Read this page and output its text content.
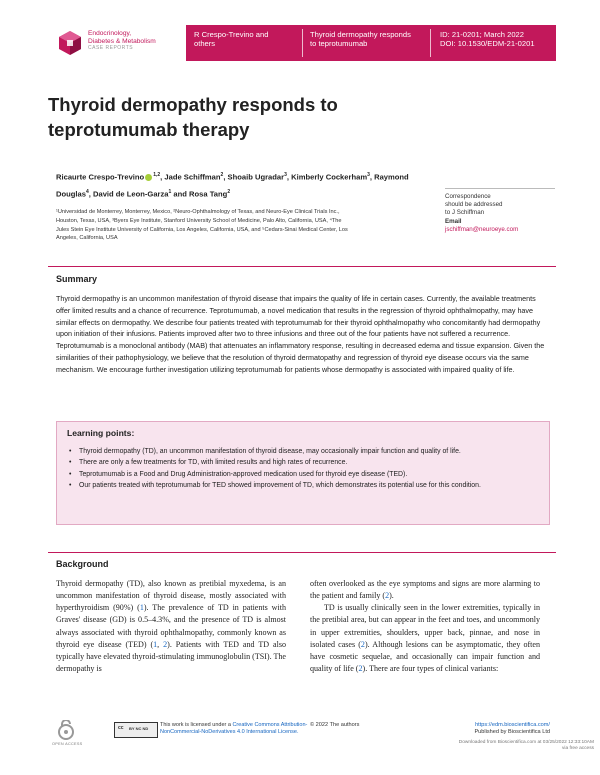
Endocrinology,
Diabetes & Metabolism
CASE REPORTS
R Crespo-Trevino and
others
Thyroid dermopathy responds
to teprotumumab
ID: 21-0201; March 2022
DOI: 10.1530/EDM-21-0201
Thyroid dermopathy responds to teprotumumab therapy
Ricaurte Crespo-Trevino $^{1,2}$, Jade Schiffman$^2$, Shoaib Ugradar$^3$, Kimberly Cockerham$^3$, Raymond Douglas$^4$, David de Leon-Garza$^1$ and Rosa Tang$^2$
¹Universidad de Monterrey, Monterrey, Mexico, ²Neuro-Ophthalmology of Texas, and Neuro-Eye Clinical Trials Inc.,
Houston, Texas, USA, ³Byers Eye Institute, Stanford University School of Medicine, Palo Alto, California, USA, ⁴The
Jules Stein Eye Institute University of California, Los Angeles, California, USA, and ⁵Cedars-Sinai Medical Center, Los
Angeles, California, USA
Correspondence
should be addressed
to J Schiffman
Email
jschiffman@neuroeye.com
Summary

Thyroid dermopathy is an uncommon manifestation of thyroid disease that impairs the quality of life in certain cases. Currently, the available treatments offer limited results and a chance of recurrence. Teprotumumab, a novel medication that results in the regression of thyroid ophthalmopathy, may have similar effects on dermopathy. We describe four patients treated with teprotumumab for their thyroid ophthalmopathy who concomitantly had dermopathy upon initiation of their infusions. Patients improved after two to three infusions and three out of the four patients have not suffered a recurrence. Teprotumumab is a monoclonal antibody (MAB) that attenuates an inflammatory response, resulting in decreased edema and tissue expansion. Given the similarities of their pathophysiology, we believe that the resolution of thyroid dermatopathy and regression of thyroid eye disease occurs via the same mechanism. We encourage further investigation utilizing teprotumumab for patients whose dermopathy is associated with impaired quality of life.

Learning points:
• Thyroid dermopathy (TD), an uncommon manifestation of thyroid disease, may occasionally impair function and quality of life.
• There are only a few treatments for TD, with limited results and high rates of recurrence.
• Teprotumumab is a Food and Drug Administration-approved medication used for thyroid eye disease (TED).
• Our patients treated with teprotumumab for TED showed improvement of TD, which demonstrates its potential use for this condition.
Background

Thyroid dermopathy (TD), also known as pretibial myxedema, is an uncommon manifestation of thyroid disease, mostly associated with hyperthyroidism (90%) (1). The prevalence of TD in patients with Graves' disease (GD) is 0.5–4.3%, and the presence of TD is almost always associated with thyroid ophthalmopathy, commonly known as thyroid eye disease (TED) (1, 2). Patients with TED and TD also typically have elevated thyroid-stimulating immunoglobulin (TSI). The dermopathy is

often overlooked as the eye symptoms and signs are more alarming to the patient and family (2).
TD is usually clinically seen in the lower extremities, typically in the pretibial area, but can appear in the feet and toes, and uncommonly in upper extremities, shoulders, upper back, pinnae, and nose in isolated cases (2). Although lesions can be asymptomatic, they often have cosmetic sequelae, and occasionally can impair function and quality of life (2). There are four types of clinical variants:
OPEN ACCESS
cc BY NC ND
This work is licensed under a Creative Commons Attribution-NonCommercial-NoDerivatives 4.0 International License.
© 2022 The authors	https://edm.bioscientifica.com/
Published by Bioscientifica Ltd
Downloaded from Bioscientifica.com at 03/25/2022 12:33:10AM
via free access
